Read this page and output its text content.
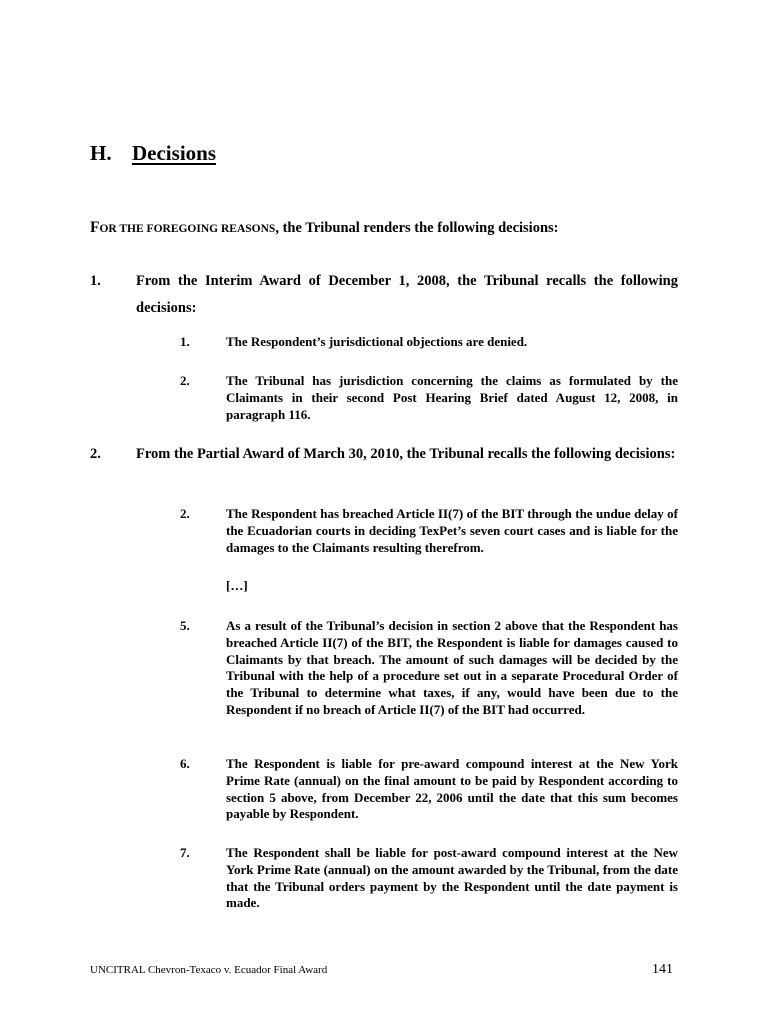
H. Decisions
FOR THE FOREGOING REASONS, the Tribunal renders the following decisions:
1. From the Interim Award of December 1, 2008, the Tribunal recalls the following decisions:
1.	The Respondent’s jurisdictional objections are denied.
2.	The Tribunal has jurisdiction concerning the claims as formulated by the Claimants in their second Post Hearing Brief dated August 12, 2008, in paragraph 116.
2. From the Partial Award of March 30, 2010, the Tribunal recalls the following decisions:
2.	The Respondent has breached Article II(7) of the BIT through the undue delay of the Ecuadorian courts in deciding TexPet’s seven court cases and is liable for the damages to the Claimants resulting therefrom.
[…]
5.	As a result of the Tribunal’s decision in section 2 above that the Respondent has breached Article II(7) of the BIT, the Respondent is liable for damages caused to Claimants by that breach. The amount of such damages will be decided by the Tribunal with the help of a procedure set out in a separate Procedural Order of the Tribunal to determine what taxes, if any, would have been due to the Respondent if no breach of Article II(7) of the BIT had occurred.
6.	The Respondent is liable for pre-award compound interest at the New York Prime Rate (annual) on the final amount to be paid by Respondent according to section 5 above, from December 22, 2006 until the date that this sum becomes payable by Respondent.
7.	The Respondent shall be liable for post-award compound interest at the New York Prime Rate (annual) on the amount awarded by the Tribunal, from the date that the Tribunal orders payment by the Respondent until the date payment is made.
UNCITRAL Chevron-Texaco v. Ecuador Final Award	141
